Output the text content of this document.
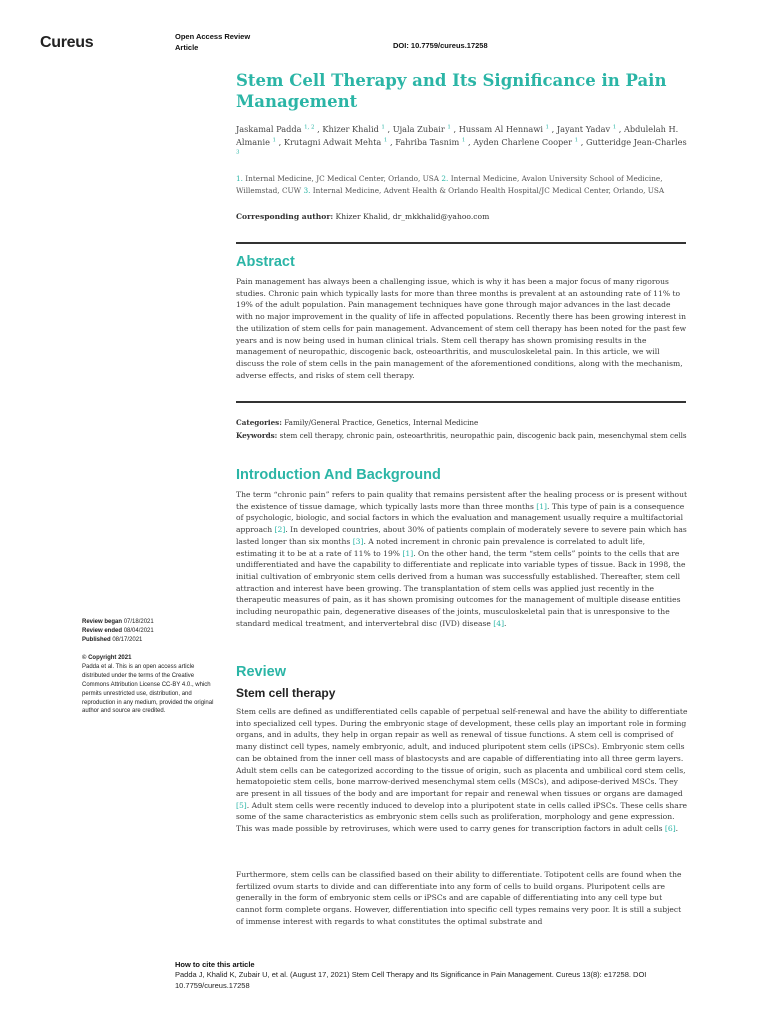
Cureus	Open Access Review
Article	DOI: 10.7759/cureus.17258
Stem Cell Therapy and Its Significance in Pain Management
Jaskamal Padda $^{1, 2}$ , Khizer Khalid $^1$ , Ujala Zubair $^1$ , Hussam Al Hennawi $^1$ , Jayant Yadav $^1$ , Abdulelah H. Almanie $^1$ , Krutagni Adwait Mehta $^1$ , Fahriba Tasnim $^1$ , Ayden Charlene Cooper $^1$ , Gutteridge Jean-Charles $^3$
1. Internal Medicine, JC Medical Center, Orlando, USA 2. Internal Medicine, Avalon University School of Medicine, Willemstad, CUW 3. Internal Medicine, Advent Health & Orlando Health Hospital/JC Medical Center, Orlando, USA
Corresponding author: Khizer Khalid, dr_mkkhalid@yahoo.com
Abstract

Pain management has always been a challenging issue, which is why it has been a major focus of many rigorous studies. Chronic pain which typically lasts for more than three months is prevalent at an astounding rate of 11% to 19% of the adult population. Pain management techniques have gone through major advances in the last decade with no major improvement in the quality of life in affected populations. Recently there has been growing interest in the utilization of stem cells for pain management. Advancement of stem cell therapy has been noted for the past few years and is now being used in human clinical trials. Stem cell therapy has shown promising results in the management of neuropathic, discogenic back, osteoarthritis, and musculoskeletal pain. In this article, we will discuss the role of stem cells in the pain management of the aforementioned conditions, along with the mechanism, adverse effects, and risks of stem cell therapy.

Categories: Family/General Practice, Genetics, Internal Medicine
Keywords: stem cell therapy, chronic pain, osteoarthritis, neuropathic pain, discogenic back pain, mesenchymal stem cells
Introduction And Background

The term “chronic pain” refers to pain quality that remains persistent after the healing process or is present without the existence of tissue damage, which typically lasts more than three months [1]. This type of pain is a consequence of psychologic, biologic, and social factors in which the evaluation and management usually require a multifactorial approach [2]. In developed countries, about 30% of patients complain of moderately severe to severe pain which has lasted longer than six months [3]. A noted increment in chronic pain prevalence is correlated to adult life, estimating it to be at a rate of 11% to 19% [1]. On the other hand, the term “stem cells” points to the cells that are undifferentiated and have the capability to differentiate and replicate into variable types of tissue. Back in 1998, the initial cultivation of embryonic stem cells derived from a human was successfully established. Thereafter, stem cell attraction and interest have been growing. The transplantation of stem cells was applied just recently in the therapeutic measures of pain, as it has shown promising outcomes for the management of multiple disease entities including neuropathic pain, degenerative diseases of the joints, musculoskeletal pain that is unresponsive to the standard medical treatment, and intervertebral disc (IVD) disease [4].

Review
Stem cell therapy

Stem cells are defined as undifferentiated cells capable of perpetual self-renewal and have the ability to differentiate into specialized cell types. During the embryonic stage of development, these cells play an important role in forming organs, and in adults, they help in organ repair as well as renewal of tissue functions. A stem cell is comprised of many distinct cell types, namely embryonic, adult, and induced pluripotent stem cells (iPSCs). Embryonic stem cells can be obtained from the inner cell mass of blastocysts and are capable of differentiating into all three germ layers. Adult stem cells can be categorized according to the tissue of origin, such as placenta and umbilical cord stem cells, hematopoietic stem cells, bone marrow-derived mesenchymal stem cells (MSCs), and adipose-derived MSCs. They are present in all tissues of the body and are important for repair and renewal when tissues or organs are damaged [5]. Adult stem cells were recently induced to develop into a pluripotent state in cells called iPSCs. These cells share some of the same characteristics as embryonic stem cells such as proliferation, morphology and gene expression. This was made possible by retroviruses, which were used to carry genes for transcription factors in adult cells [6].

Furthermore, stem cells can be classified based on their ability to differentiate. Totipotent cells are found when the fertilized ovum starts to divide and can differentiate into any form of cells to build organs. Pluripotent cells are generally in the form of embryonic stem cells or iPSCs and are capable of differentiating into any cell type but cannot form complete organs. However, differentiation into specific cell types remains very poor. It is still a subject of immense interest with regards to what constitutes the optimal substrate and

Review began 07/18/2021
Review ended 08/04/2021
Published 08/17/2021
© Copyright 2021
Padda et al. This is an open access article distributed under the terms of the Creative Commons Attribution License CC-BY 4.0., which permits unrestricted use, distribution, and reproduction in any medium, provided the original author and source are credited.
How to cite this article
Padda J, Khalid K, Zubair U, et al. (August 17, 2021) Stem Cell Therapy and Its Significance in Pain Management. Cureus 13(8): e17258. DOI 10.7759/cureus.17258
